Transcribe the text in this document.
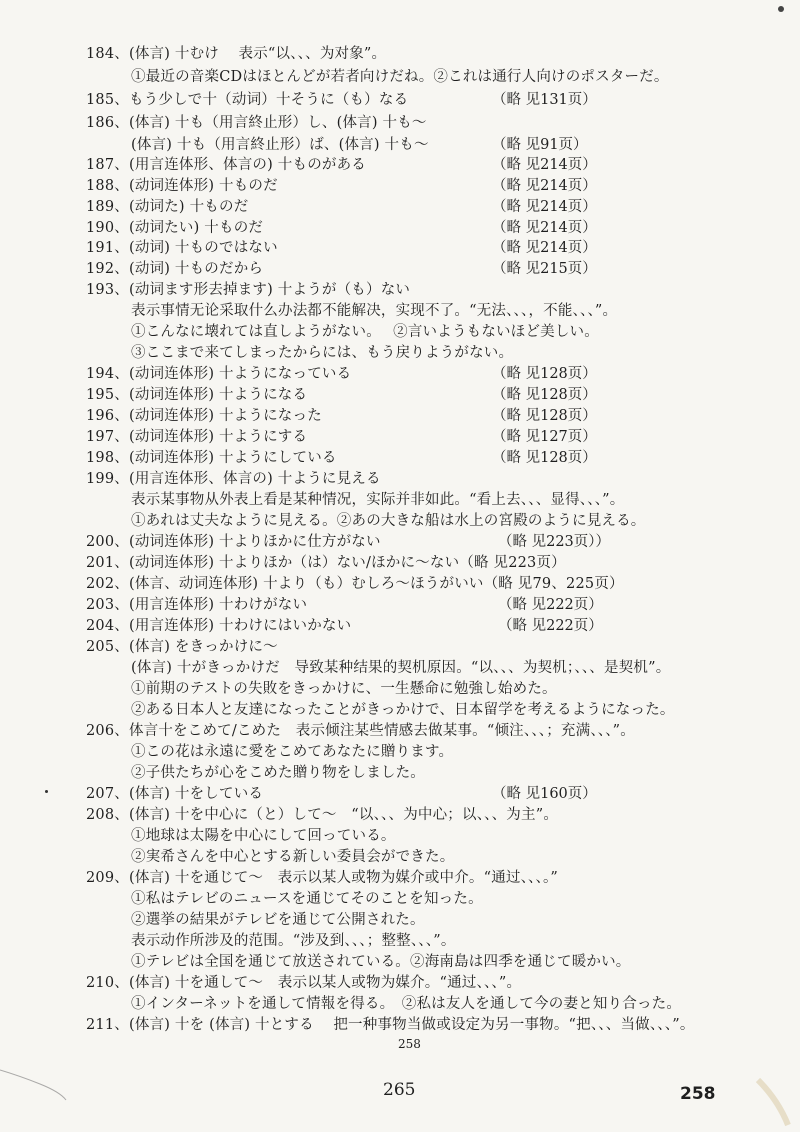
184、(体言) 十むけ　 表示“以、、、为对象”。
①最近の音楽CDはほとんどが若者向けだね。②これは通行人向けのポスターだ。
185、もう少しで十（动词）十そうに（も）なる	（略 见131页）
186、(体言) 十も（用言終止形）し、(体言) 十も～
(体言) 十も（用言終止形）ば、(体言) 十も～	（略 见91页）
187、(用言连体形、体言の) 十ものがある	（略 见214页）
188、(动词连体形) 十ものだ	（略 见214页）
189、(动词た) 十ものだ	（略 见214页）
190、(动词たい) 十ものだ	（略 见214页）
191、(动词) 十ものではない	（略 见214页）
192、(动词) 十ものだから	（略 见215页）
193、(动词ます形去掉ます) 十ようが（も）ない
表示事情无论采取什么办法都不能解决，实现不了。“无法、、、，不能、、、”。
①こんなに壊れては直しようがない。　 ②言いようもないほど美しい。
③ここまで来てしまったからには、もう戻りようがない。
194、(动词连体形) 十ようになっている	（略 见128页）
195、(动词连体形) 十ようになる	（略 见128页）
196、(动词连体形) 十ようになった	（略 见128页）
197、(动词连体形) 十ようにする	（略 见127页）
198、(动词连体形) 十ようにしている	（略 见128页）
199、(用言连体形、体言の) 十ように見える
表示某事物从外表上看是某种情况，实际并非如此。“看上去、、、显得、、、”。
①あれは丈夫なように見える。②あの大きな船は水上の宮殿のように見える。
200、(动词连体形) 十よりほかに仕方がない	（略 见223页））
201、(动词连体形) 十よりほか（は）ない/ほかに～ない（略 见223页）
202、(体言、动词连体形) 十より（も）むしろ～ほうがいい（略 见79、225页）
203、(用言连体形) 十わけがない	（略 见222页）
204、(用言连体形) 十わけにはいかない	（略 见222页）
205、(体言) をきっかけに～
(体言) 十がきっかけだ　导致某种结果的契机原因。“以、、、为契机；、、、是契机”。
①前期のテストの失敗をきっかけに、一生懸命に勉強し始めた。
②ある日本人と友達になったことがきっかけで、日本留学を考えるようになった。
206、体言十をこめて/こめた　表示倾注某些情感去做某事。“倾注、、、；充满、、、”。
①この花は永遠に愛をこめてあなたに贈ります。
②子供たちが心をこめた贈り物をしました。
207、(体言) 十をしている	（略 见160页）
208、(体言) 十を中心に（と）して～　“以、、、为中心；以、、、为主”。
①地球は太陽を中心にして回っている。
②実希さんを中心とする新しい委員会ができた。
209、(体言) 十を通じて～　表示以某人或物为媒介或中介。“通过、、、。”
①私はテレビのニュースを通じてそのことを知った。
②選挙の結果がテレビを通じて公開された。
表示动作所涉及的范围。“涉及到、、、；整整、、、”。
①テレビは全国を通じて放送されている。②海南島は四季を通じて暖かい。
210、(体言) 十を通して～　表示以某人或物为媒介。“通过、、、”。
①インターネットを通して情報を得る。　②私は友人を通して今の妻と知り合った。
211、(体言) 十を (体言) 十とする　 把一种事物当做或设定为另一事物。“把、、、当做、、、”。
258
265	258
